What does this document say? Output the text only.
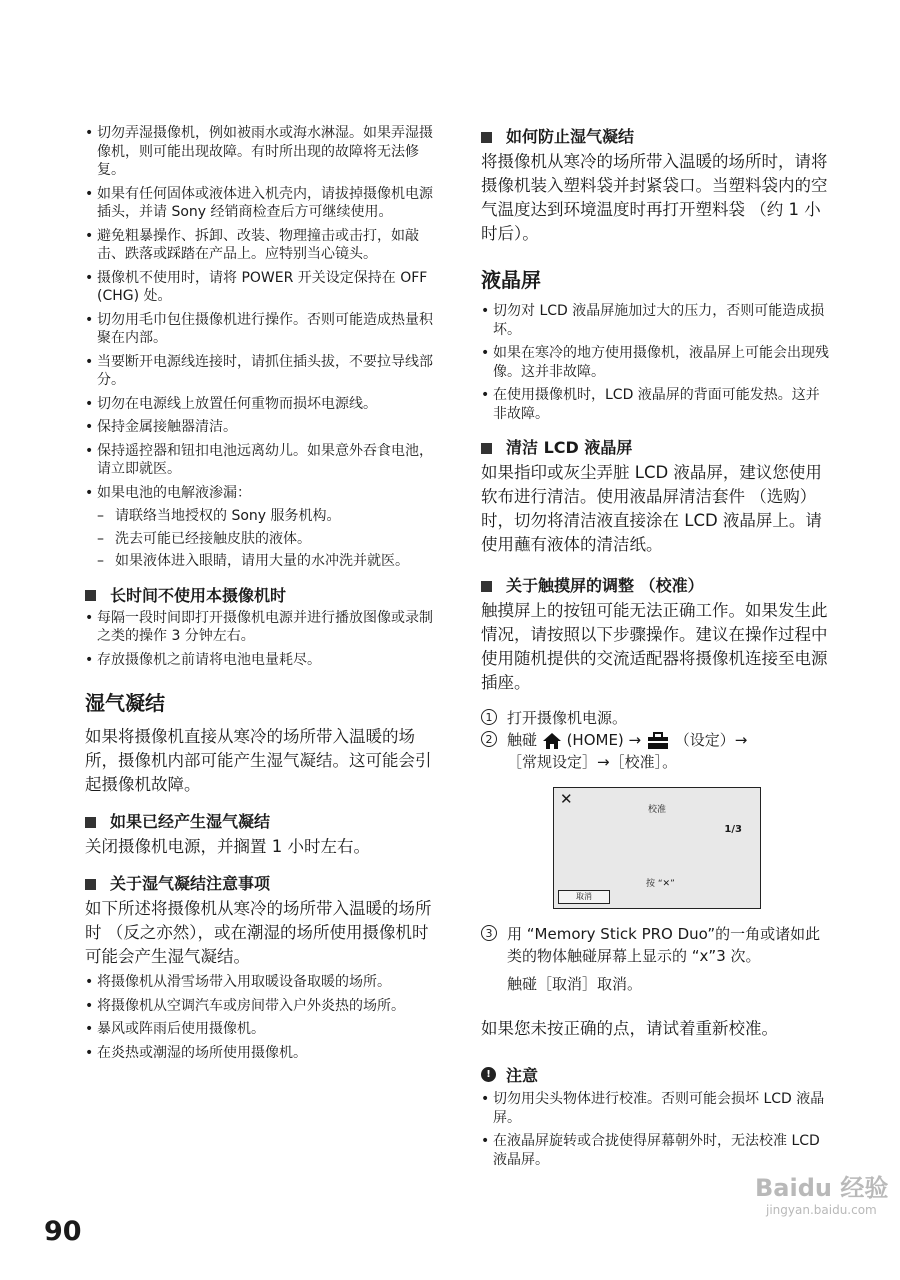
• 切勿弄湿摄像机，例如被雨水或海水淋湿。如果弄湿摄像机，则可能出现故障。有时所出现的故障将无法修复。
• 如果有任何固体或液体进入机壳内，请拔掉摄像机电源插头，并请 Sony 经销商检查后方可继续使用。
• 避免粗暴操作、拆卸、改装、物理撞击或击打，如敲击、跌落或踩踏在产品上。应特别当心镜头。
• 摄像机不使用时，请将 POWER 开关设定保持在 OFF (CHG) 处。
• 切勿用毛巾包住摄像机进行操作。否则可能造成热量积聚在内部。
• 当要断开电源线连接时，请抓住插头拔，不要拉导线部分。
• 切勿在电源线上放置任何重物而损坏电源线。
• 保持金属接触器清洁。
• 保持遥控器和钮扣电池远离幼儿。如果意外吞食电池，请立即就医。
• 如果电池的电解液渗漏：
– 请联络当地授权的 Sony 服务机构。
– 洗去可能已经接触皮肤的液体。
– 如果液体进入眼睛，请用大量的水冲洗并就医。
长时间不使用本摄像机时
• 每隔一段时间即打开摄像机电源并进行播放图像或录制之类的操作 3 分钟左右。
• 存放摄像机之前请将电池电量耗尽。
湿气凝结

如果将摄像机直接从寒冷的场所带入温暖的场所，摄像机内部可能产生湿气凝结。这可能会引起摄像机故障。

如果已经产生湿气凝结

关闭摄像机电源，并搁置 1 小时左右。

关于湿气凝结注意事项

如下所述将摄像机从寒冷的场所带入温暖的场所时 （反之亦然），或在潮湿的场所使用摄像机时可能会产生湿气凝结。

• 将摄像机从滑雪场带入用取暖设备取暖的场所。
• 将摄像机从空调汽车或房间带入户外炎热的场所。
• 暴风或阵雨后使用摄像机。
• 在炎热或潮湿的场所使用摄像机。
如何防止湿气凝结

将摄像机从寒冷的场所带入温暖的场所时，请将摄像机装入塑料袋并封紧袋口。当塑料袋内的空气温度达到环境温度时再打开塑料袋 （约 1 小时后）。

液晶屏
• 切勿对 LCD 液晶屏施加过大的压力，否则可能造成损坏。
• 如果在寒冷的地方使用摄像机，液晶屏上可能会出现残像。这并非故障。
• 在使用摄像机时，LCD 液晶屏的背面可能发热。这并非故障。
清洁 LCD 液晶屏

如果指印或灰尘弄脏 LCD 液晶屏，建议您使用软布进行清洁。使用液晶屏清洁套件 （选购）时，切勿将清洁液直接涂在 LCD 液晶屏上。请使用蘸有液体的清洁纸。

关于触摸屏的调整 （校准）

触摸屏上的按钮可能无法正确工作。如果发生此情况，请按照以下步骤操作。建议在操作过程中使用随机提供的交流适配器将摄像机连接至电源插座。

1 打开摄像机电源。
2 触碰 (HOME) → （设定）→
［常规设定］→［校准］。
✕
校准
1/3
按 “✕”
取消
3 用 “Memory Stick PRO Duo”的一角或诸如此类的物体触碰屏幕上显示的 “x”3 次。
触碰［取消］取消。

如果您未按正确的点，请试着重新校准。

! 注意
• 切勿用尖头物体进行校准。否则可能会损坏 LCD 液晶屏。
• 在液晶屏旋转或合拢使得屏幕朝外时，无法校准 LCD 液晶屏。
90
Baidu 经验
jingyan.baidu.com
